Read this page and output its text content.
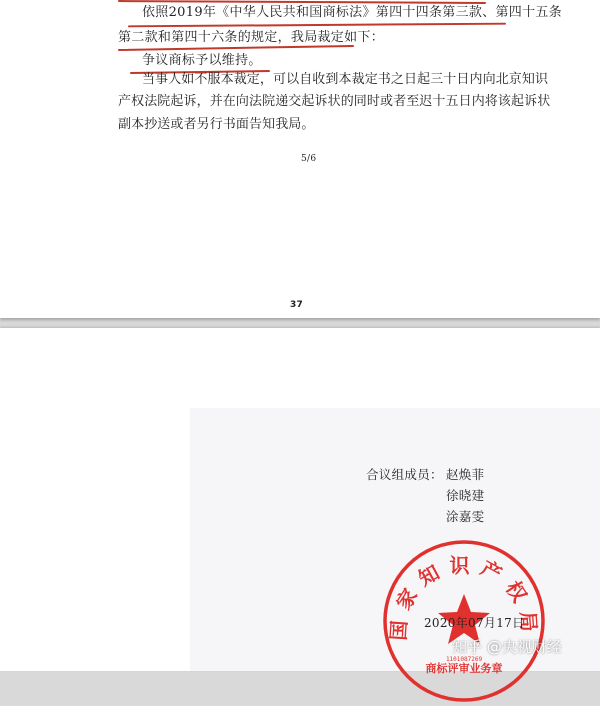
依照2019年《中华人民共和国商标法》第四十四条第三款、第四十五条
第二款和第四十六条的规定，我局裁定如下：
争议商标予以维持。
当事人如不服本裁定，可以自收到本裁定书之日起三十日内向北京知识
产权法院起诉，并在向法院递交起诉状的同时或者至迟十五日内将该起诉状
副本抄送或者另行书面告知我局。
5/6
37
合议组成员： 赵焕菲
徐晓建
涂嘉雯
国家知识产权局
商标评审业务章
1101087269
2020年07月17日
知乎 @央视财经
